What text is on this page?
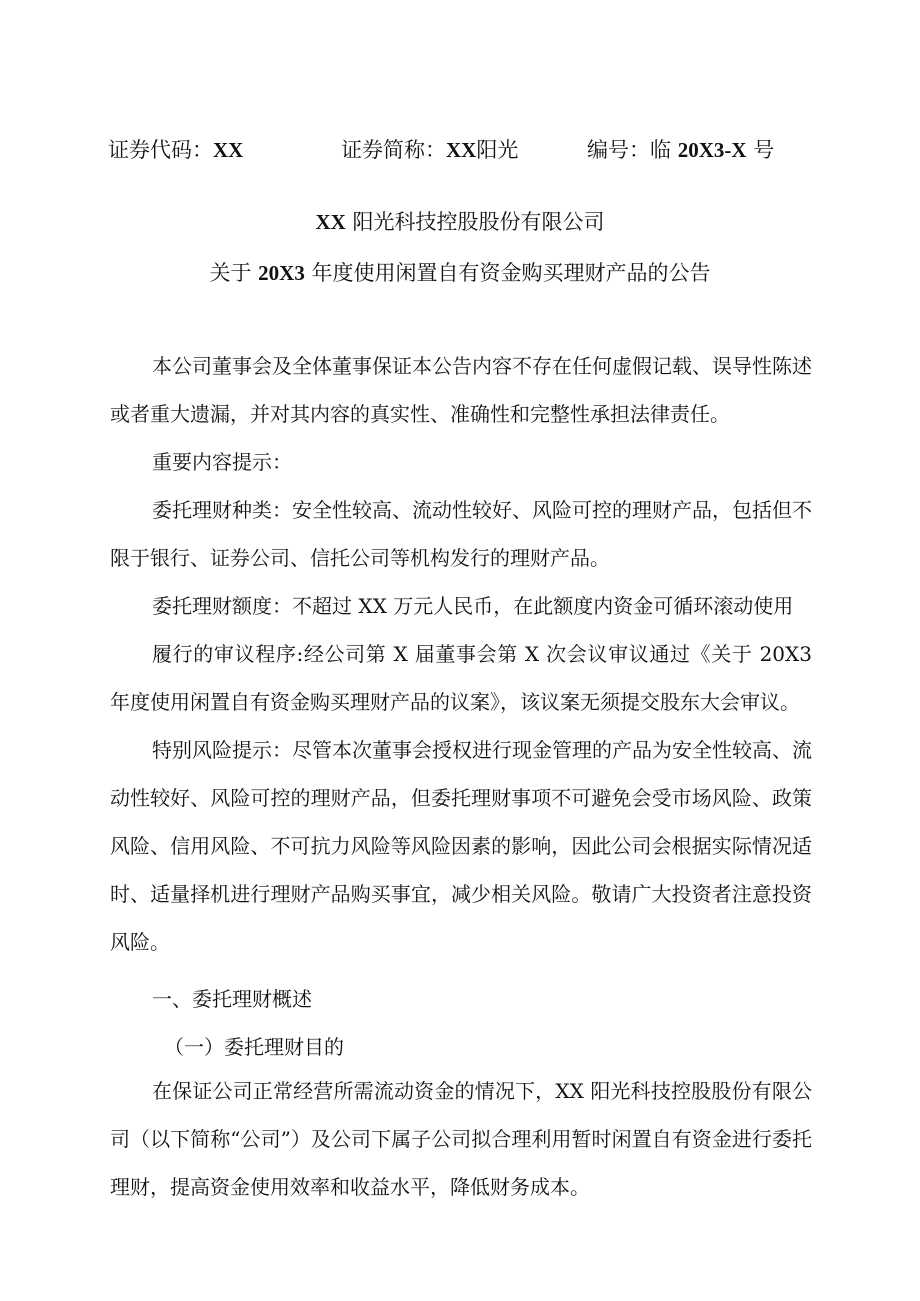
证券代码：XX	证券简称：XX阳光	编号：临 20X3-X 号
XX 阳光科技控股股份有限公司
关于 20X3 年度使用闲置自有资金购买理财产品的公告
本公司董事会及全体董事保证本公告内容不存在任何虚假记载、误导性陈述或者重大遗漏，并对其内容的真实性、准确性和完整性承担法律责任。
重要内容提示：
委托理财种类：安全性较高、流动性较好、风险可控的理财产品，包括但不限于银行、证券公司、信托公司等机构发行的理财产品。
委托理财额度：不超过 XX 万元人民币，在此额度内资金可循环滚动使用
履行的审议程序:经公司第 X 届董事会第 X 次会议审议通过《关于 20X3 年度使用闲置自有资金购买理财产品的议案》，该议案无须提交股东大会审议。
特别风险提示：尽管本次董事会授权进行现金管理的产品为安全性较高、流动性较好、风险可控的理财产品，但委托理财事项不可避免会受市场风险、政策风险、信用风险、不可抗力风险等风险因素的影响，因此公司会根据实际情况适时、适量择机进行理财产品购买事宜，减少相关风险。敬请广大投资者注意投资风险。
一、委托理财概述
（一）委托理财目的
在保证公司正常经营所需流动资金的情况下，XX 阳光科技控股股份有限公司（以下简称“公司”）及公司下属子公司拟合理利用暂时闲置自有资金进行委托理财，提高资金使用效率和收益水平，降低财务成本。
